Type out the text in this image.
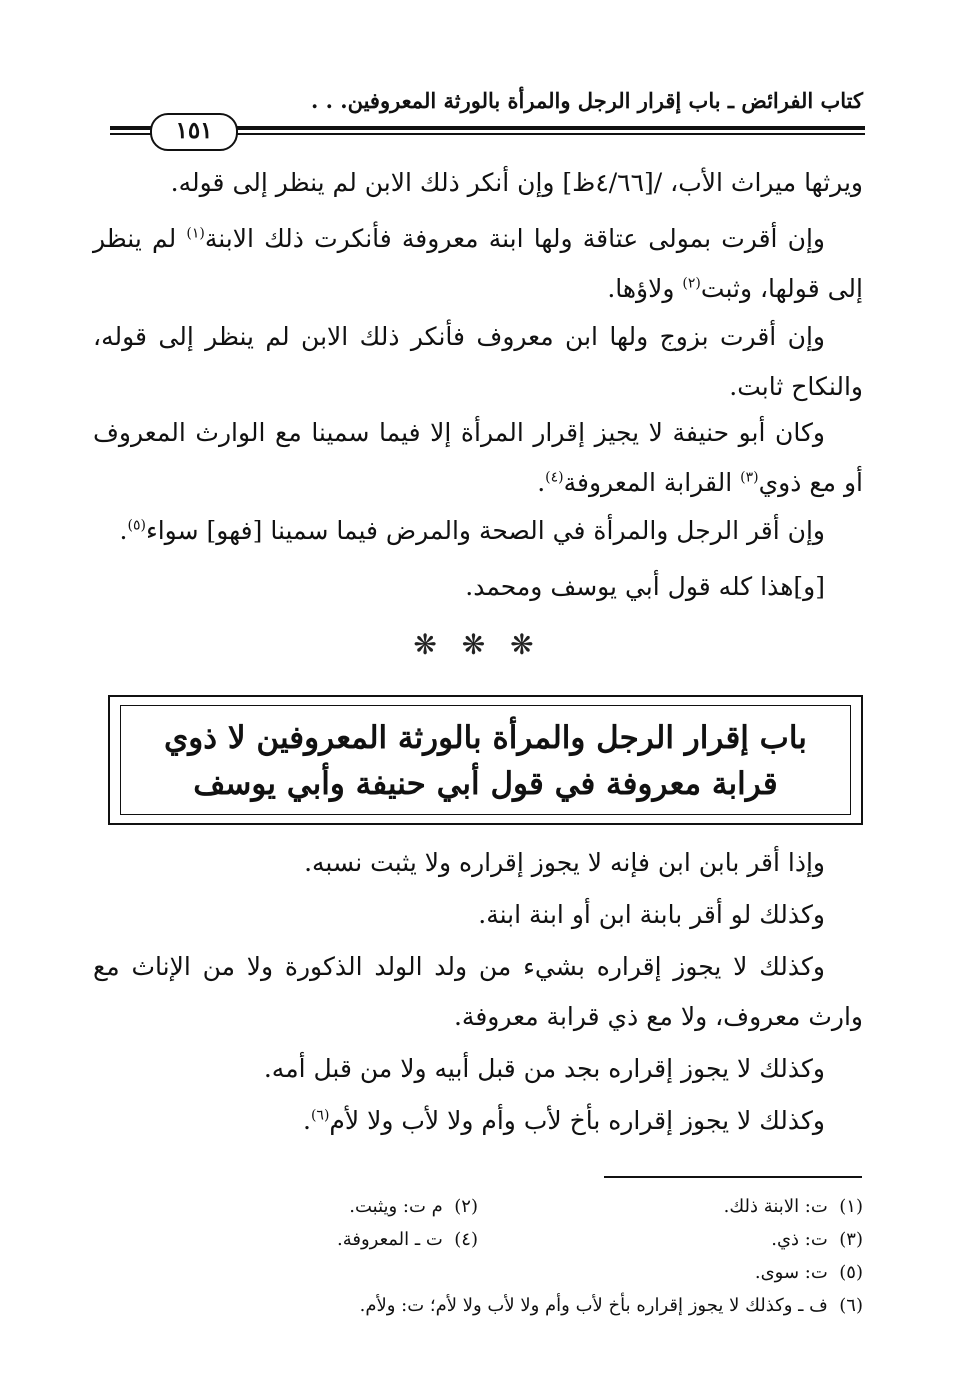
كتاب الفرائض ـ باب إقرار الرجل والمرأة بالورثة المعروفين. . .
١٥١
ويرثها ميراث الأب، /[٤/٦٦ظ] وإن أنكر ذلك الابن لم ينظر إلى قوله.
وإن أقرت بمولى عتاقة ولها ابنة معروفة فأنكرت ذلك الابنة$^{(١)}$ لم ينظر إلى قولها، وثبت$^{(٢)}$ ولاؤها.
وإن أقرت بزوج ولها ابن معروف فأنكر ذلك الابن لم ينظر إلى قوله، والنكاح ثابت.
وكان أبو حنيفة لا يجيز إقرار المرأة إلا فيما سمينا مع الوارث المعروف أو مع ذوي$^{(٣)}$ القرابة المعروفة$^{(٤)}$.
وإن أقر الرجل والمرأة في الصحة والمرض فيما سمينا [فهو] سواء$^{(٥)}$.
[و]هذا كله قول أبي يوسف ومحمد.
❋ ❋ ❋
باب إقرار الرجل والمرأة بالورثة المعروفين لا ذوي قرابة معروفة في قول أبي حنيفة وأبي يوسف
وإذا أقر بابن ابن فإنه لا يجوز إقراره ولا يثبت نسبه.
وكذلك لو أقر بابنة ابن أو ابنة ابنة.
وكذلك لا يجوز إقراره بشيء من ولد الولد الذكورة ولا من الإناث مع وارث معروف، ولا مع ذي قرابة معروفة.
وكذلك لا يجوز إقراره بجد من قبل أبيه ولا من قبل أمه.
وكذلك لا يجوز إقراره بأخ لأب وأم ولا لأب ولا لأم$^{(٦)}$.
(١)  ت: الابنة ذلك.
(٢)  م ت: ويثبت.
(٣)  ت: ذي.
(٤)  ت ـ المعروفة.
(٥)  ت: سوى.
(٦)  ف ـ وكذلك لا يجوز إقراره بأخ لأب وأم ولا لأب ولا لأم؛ ت: ولأم.
